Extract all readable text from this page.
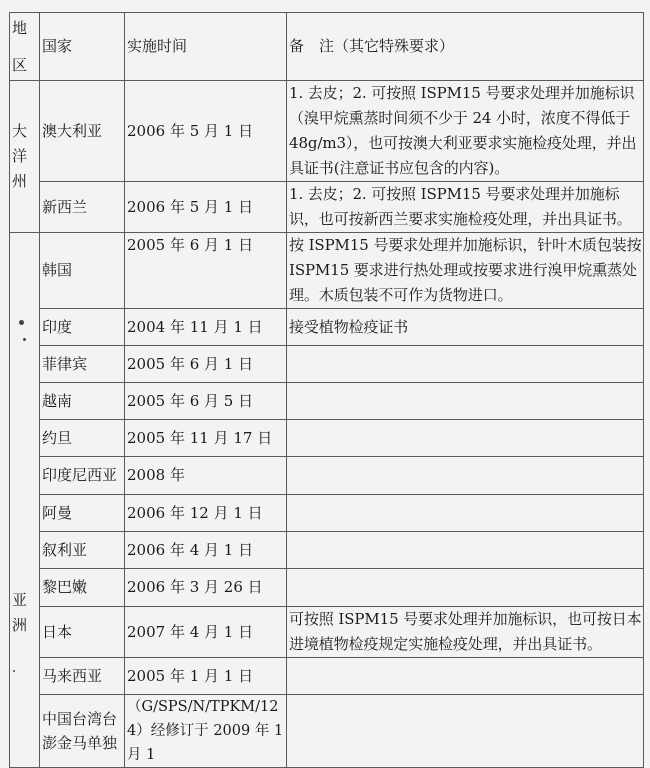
地
区	国家	实施时间	备　注（其它特殊要求）
大
洋
州	澳大利亚	2006 年 5 月 1 日	1. 去皮；2. 可按照 ISPM15 号要求处理并加施标识（溴甲烷熏蒸时间须不少于 24 小时，浓度不得低于 48g/m3），也可按澳大利亚要求实施检疫处理，并出具证书(注意证书应包含的内容)。
	新西兰	2006 年 5 月 1 日	1. 去皮；2. 可按照 ISPM15 号要求处理并加施标识，也可按新西兰要求实施检疫处理，并出具证书。

亚
洲	韩国	2005 年 6 月 1 日	按 ISPM15 号要求处理并加施标识，针叶木质包装按 ISPM15 要求进行热处理或按要求进行溴甲烷熏蒸处理。木质包装不可作为货物进口。
	印度	2004 年 11 月 1 日	接受植物检疫证书
	菲律宾	2005 年 6 月 1 日	
	越南	2005 年 6 月 5 日	
	约旦	2005 年 11 月 17 日	
	印度尼西亚	2008 年	
	阿曼	2006 年 12 月 1 日	
	叙利亚	2006 年 4 月 1 日	
	黎巴嫩	2006 年 3 月 26 日	
	日本	2007 年 4 月 1 日	可按照 ISPM15 号要求处理并加施标识，也可按日本进境植物检疫规定实施检疫处理，并出具证书。
	马来西亚	2005 年 1 月 1 日	
	中国台湾台澎金马单独	（G/SPS/N/TPKM/124）经修订于 2009 年 1 月 1	
